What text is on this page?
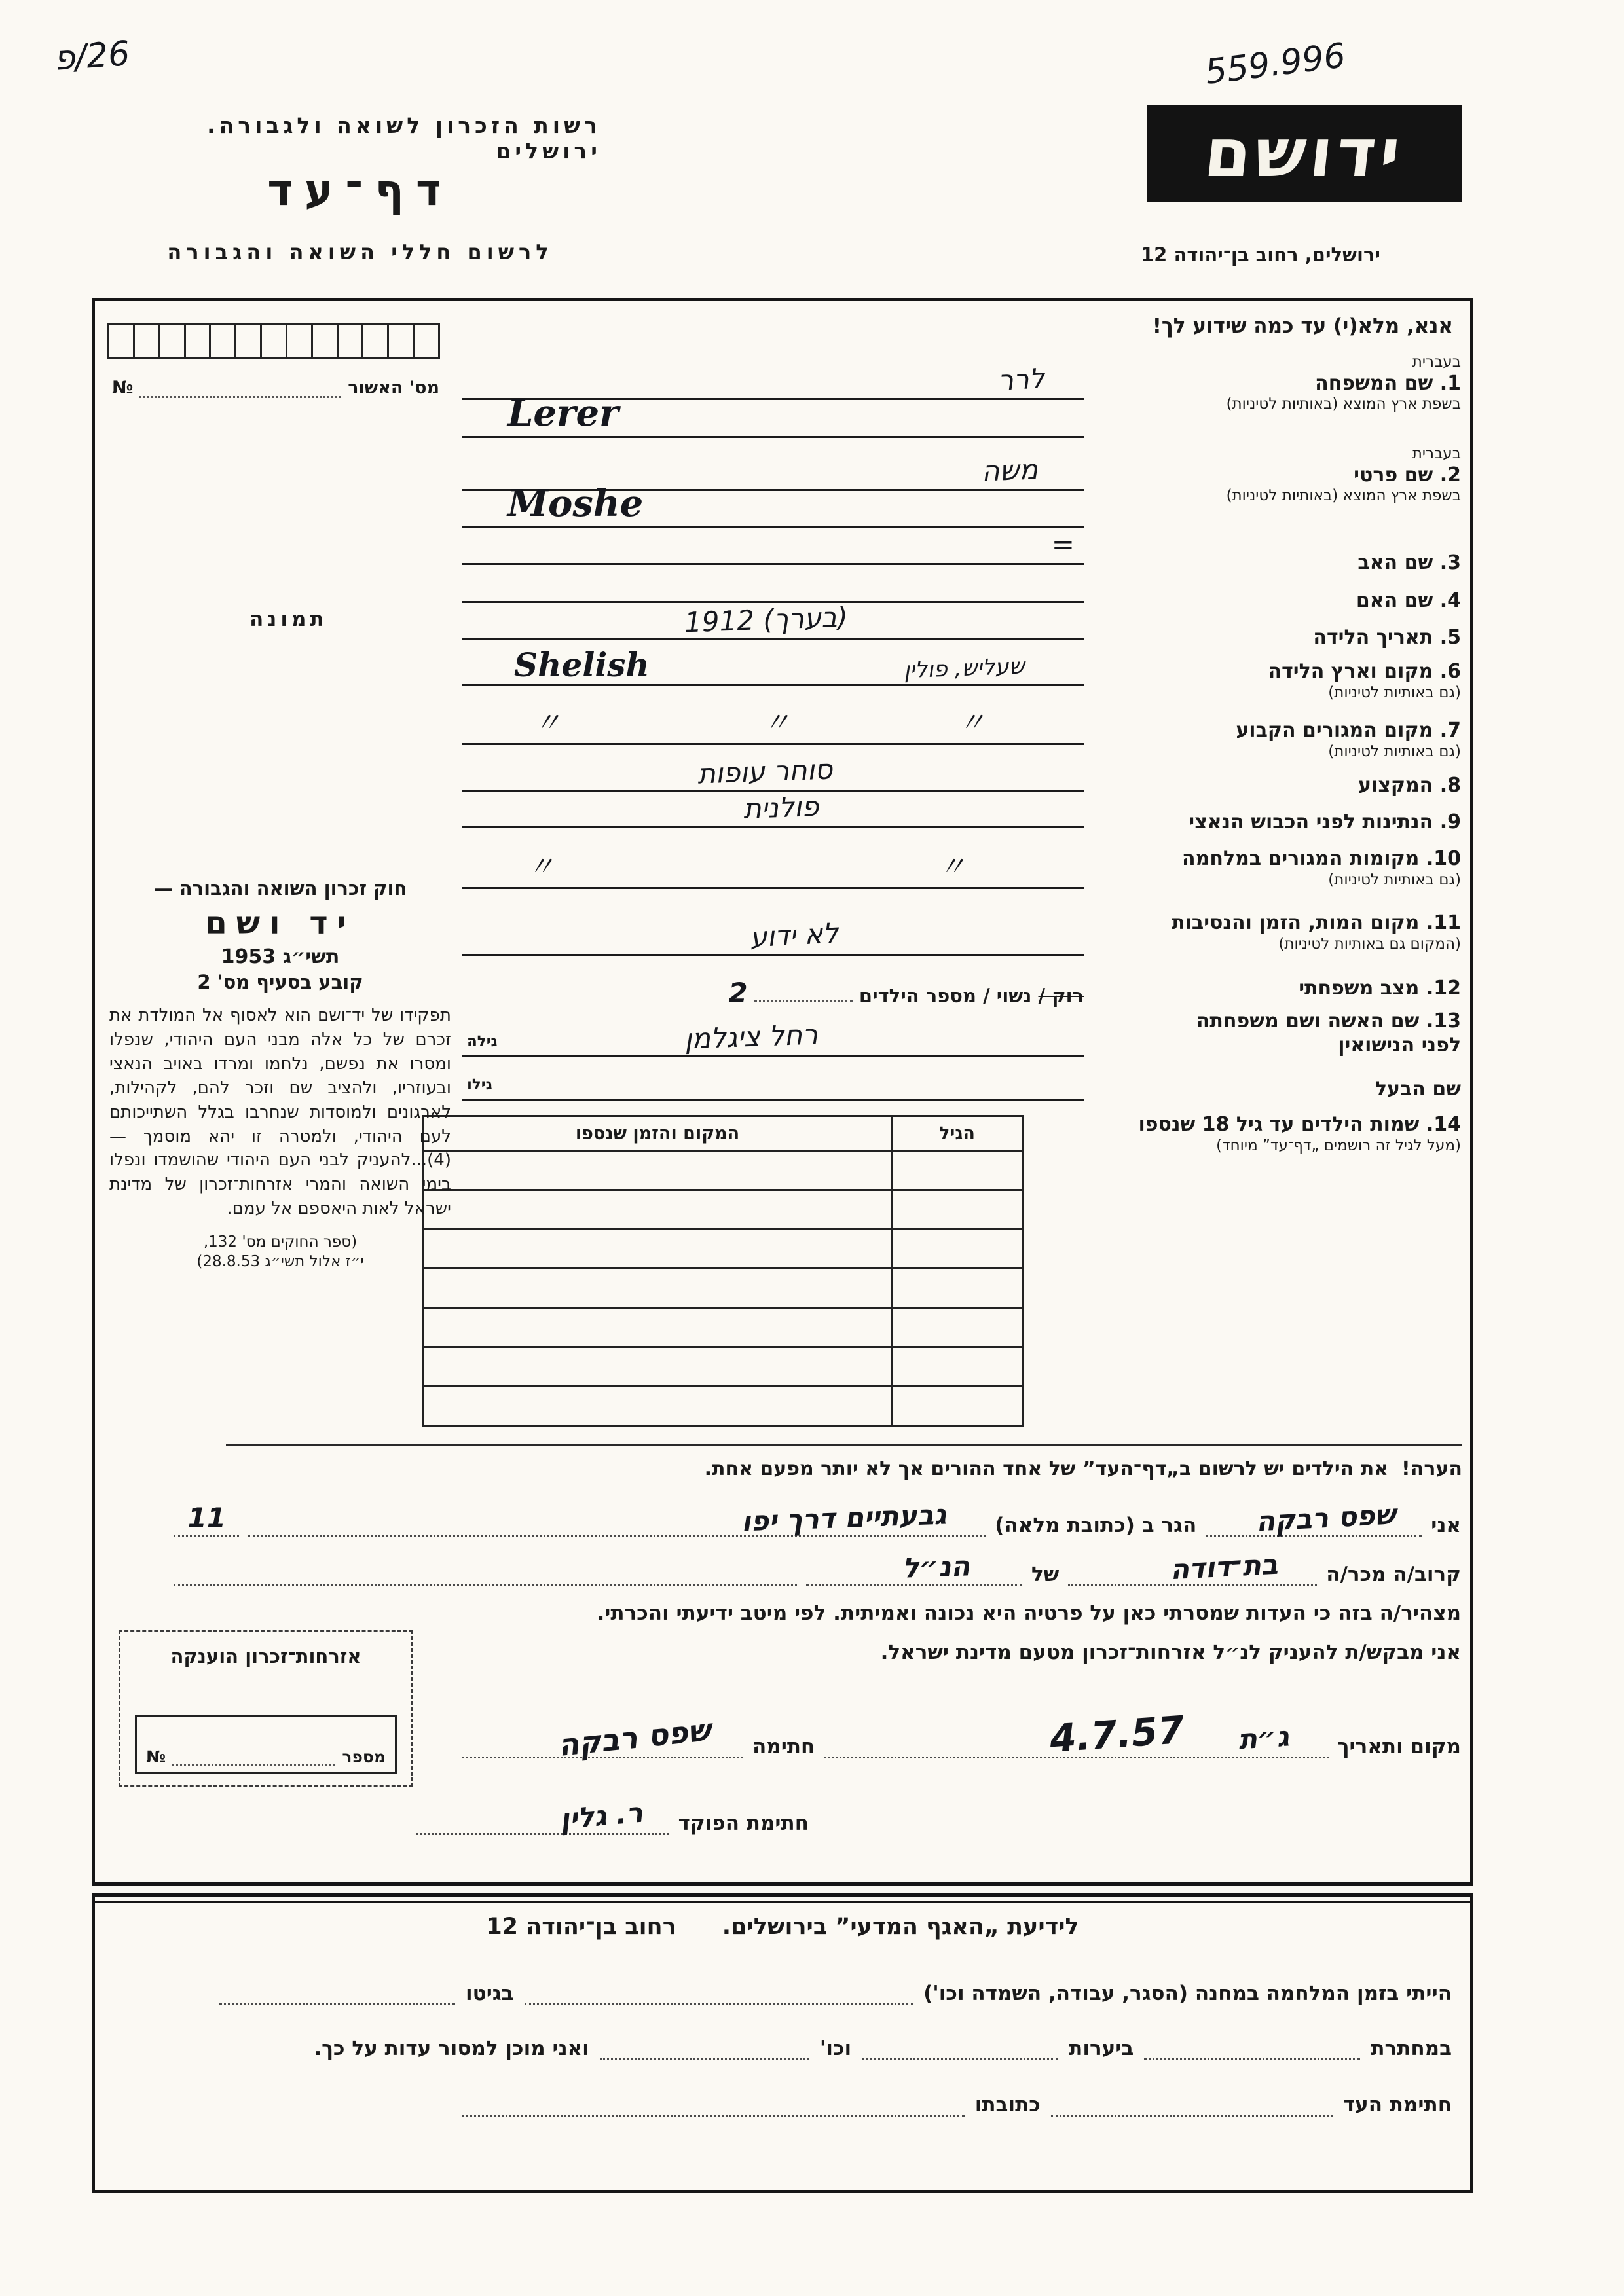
26/פ	559.996
רשות הזכרון לשואה ולגבורה. ירושלים	ידושם
דף־עד
לרשום חללי השואה והגבורה	ירושלים, רחוב בן־יהודה 12
אנא, מלא(י) עד כמה שידוע לך!
מס' האשור
№
תמונה
בעברית
1. שם המשפחה
בשפת ארץ המוצא (באותיות לטיניות)
לרר
Lerer
בעברית
2. שם פרטי
בשפת ארץ המוצא (באותיות לטיניות)
משה
Moshe
3. שם האב
=
4. שם האם
5. תאריך הלידה
(בערך) 1912
6. מקום וארץ הלידה
(גם באותיות לטיניות)
Shelish	שעליש, פולין
7. מקום המגורים הקבוע
(גם באותיות לטיניות)
〃	〃	〃
8. המקצוע
סוחר עופות
9. הנתינות לפני הכבוש הנאצי
פולנית
10. מקומות המגורים במלחמה
(גם באותיות לטיניות)
〃	〃
11. מקום המות, הזמן והנסיבות
(המקום גם באותיות לטיניות)
לא ידוע
12. מצב משפחתי
רוק / נשוי / מספר הילדים  2
13. שם האשה ושם משפחתה
לפני הנישואין
גילה	רחל ציגלמן
שם הבעל
גילו
14. שמות הילדים עד גיל 18 שנספו
(מעל לגיל זה רושמים „דף־עד” מיוחד)
הגיל
המקום והזמן שנספו
חוק זכרון השואה והגבורה —
יד ושם
תשי״ג 1953
קובע בסעיף מס' 2
תפקידו של יד־ושם הוא לאסוף אל המולדת את זכרם של כל אלה מבני העם היהודי, שנפלו ומסרו את נפשם, נלחמו ומרדו באויב הנאצי ובעוזריו, ולהציב שם וזכר להם, לקהילות, לארגונים ולמוסדות שנחרבו בגלל השתייכותם לעם היהודי, ולמטרה זו יהא מוסמך — (4)...להעניק לבני העם היהודי שהושמדו ונפלו בימי השואה והמרי אזרחות־זכרון של מדינת ישראל לאות היאספם אל עמם.
(ספר החוקים מס' 132,
י״ז אלול תשי״ג 28.8.53)
הערה!
את הילדים יש לרשום ב„דף־העד” של אחד ההורים אך לא יותר מפעם אחת.
אני
שפס רבקה
הגר ב (כתובת מלאה)
גבעתיים דרך יפו
11
קרוב/ה מכר/ה
בת־דודה
של
הנ״ל
מצהיר/ה בזה כי העדות שמסרתי כאן על פרטיה היא נכונה ואמיתית. לפי מיטב ידיעתי והכרתי.
אני מבקש/ת להעניק לנ״ל אזרחות־זכרון מטעם מדינת ישראל.
מקום ותאריך
ג״ת
4.7.57
חתימה
שפס רבקה
חתימת הפוקד
ר. גלין
אזרחות־זכרון הוענקה
מספר
№
לידיעת „האגף המדעי” בירושלים.
רחוב בן־יהודה 12
הייתי בזמן המלחמה במחנה (הסגר, עבודה, השמדה וכו')
בגיטו
במחתרת
ביערות
וכו'
ואני מוכן למסור עדות על כך.
חתימת העד
כתובתו
